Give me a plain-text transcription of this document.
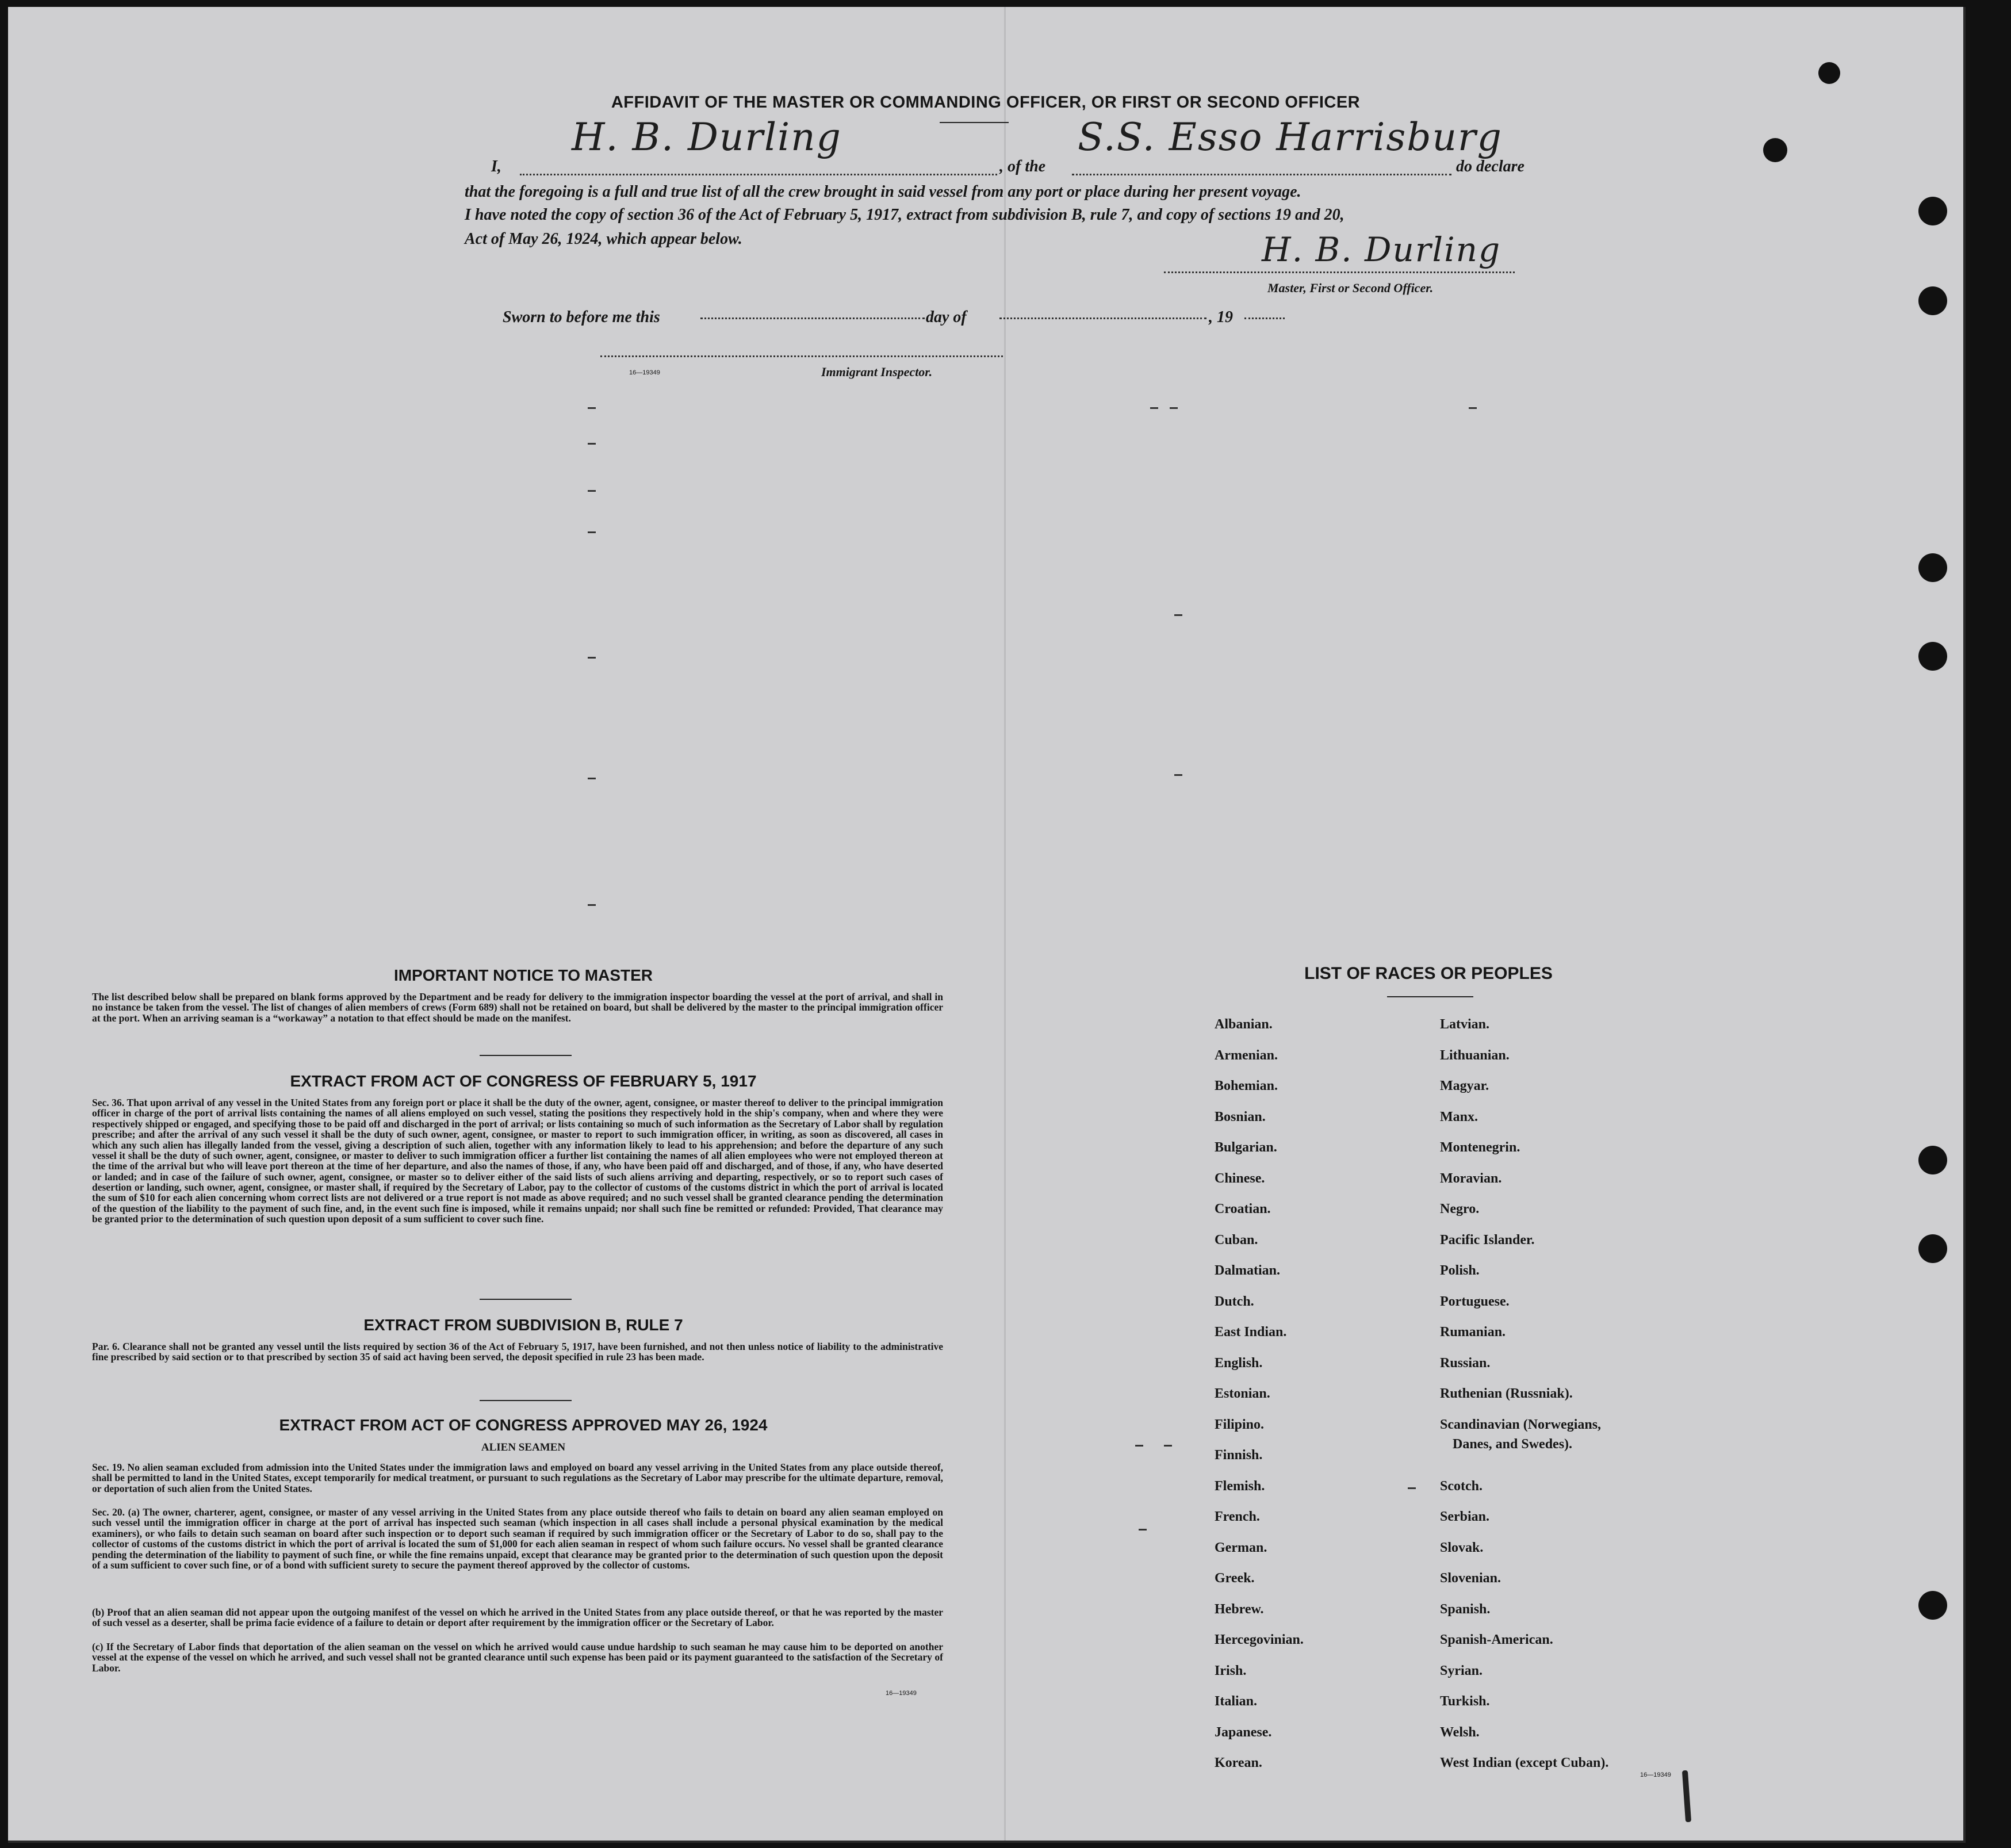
AFFIDAVIT OF THE MASTER OR COMMANDING OFFICER, OR FIRST OR SECOND OFFICER
I,
H. B. Durling
, of the
S.S. Esso Harrisburg
do declare
that the foregoing is a full and true list of all the crew brought in said vessel from any port or place during her present voyage.
I have noted the copy of section 36 of the Act of February 5, 1917, extract from subdivision B, rule 7, and copy of sections 19 and 20,
Act of May 26, 1924, which appear below.	H. B. Durling
Master, First or Second Officer.
Sworn to before me this	day of	, 19
16—19349	Immigrant Inspector.
IMPORTANT NOTICE TO MASTER
The list described below shall be prepared on blank forms approved by the Department and be ready for delivery to the immigration inspector boarding the vessel at the port of arrival, and shall in no instance be taken from the vessel. The list of changes of alien members of crews (Form 689) shall not be retained on board, but shall be delivered by the master to the principal immigration officer at the port. When an arriving seaman is a “workaway” a notation to that effect should be made on the manifest.
EXTRACT FROM ACT OF CONGRESS OF FEBRUARY 5, 1917
Sec. 36. That upon arrival of any vessel in the United States from any foreign port or place it shall be the duty of the owner, agent, consignee, or master thereof to deliver to the principal immigration officer in charge of the port of arrival lists containing the names of all aliens employed on such vessel, stating the positions they respectively hold in the ship's company, when and where they were respectively shipped or engaged, and specifying those to be paid off and discharged in the port of arrival; or lists containing so much of such information as the Secretary of Labor shall by regulation prescribe; and after the arrival of any such vessel it shall be the duty of such owner, agent, consignee, or master to report to such immigration officer, in writing, as soon as discovered, all cases in which any such alien has illegally landed from the vessel, giving a description of such alien, together with any information likely to lead to his apprehension; and before the departure of any such vessel it shall be the duty of such owner, agent, consignee, or master to deliver to such immigration officer a further list containing the names of all alien employees who were not employed thereon at the time of the arrival but who will leave port thereon at the time of her departure, and also the names of those, if any, who have been paid off and discharged, and of those, if any, who have deserted or landed; and in case of the failure of such owner, agent, consignee, or master so to deliver either of the said lists of such aliens arriving and departing, respectively, or so to report such cases of desertion or landing, such owner, agent, consignee, or master shall, if required by the Secretary of Labor, pay to the collector of customs of the customs district in which the port of arrival is located the sum of $10 for each alien concerning whom correct lists are not delivered or a true report is not made as above required; and no such vessel shall be granted clearance pending the determination of the question of the liability to the payment of such fine, and, in the event such fine is imposed, while it remains unpaid; nor shall such fine be remitted or refunded: Provided, That clearance may be granted prior to the determination of such question upon deposit of a sum sufficient to cover such fine.
EXTRACT FROM SUBDIVISION B, RULE 7
Par. 6. Clearance shall not be granted any vessel until the lists required by section 36 of the Act of February 5, 1917, have been furnished, and not then unless notice of liability to the administrative fine prescribed by said section or to that prescribed by section 35 of said act having been served, the deposit specified in rule 23 has been made.
EXTRACT FROM ACT OF CONGRESS APPROVED MAY 26, 1924
ALIEN SEAMEN
Sec. 19. No alien seaman excluded from admission into the United States under the immigration laws and employed on board any vessel arriving in the United States from any place outside thereof, shall be permitted to land in the United States, except temporarily for medical treatment, or pursuant to such regulations as the Secretary of Labor may prescribe for the ultimate departure, removal, or deportation of such alien from the United States.
Sec. 20. (a) The owner, charterer, agent, consignee, or master of any vessel arriving in the United States from any place outside thereof who fails to detain on board any alien seaman employed on such vessel until the immigration officer in charge at the port of arrival has inspected such seaman (which inspection in all cases shall include a personal physical examination by the medical examiners), or who fails to detain such seaman on board after such inspection or to deport such seaman if required by such immigration officer or the Secretary of Labor to do so, shall pay to the collector of customs of the customs district in which the port of arrival is located the sum of $1,000 for each alien seaman in respect of whom such failure occurs. No vessel shall be granted clearance pending the determination of the liability to payment of such fine, or while the fine remains unpaid, except that clearance may be granted prior to the determination of such question upon the deposit of a sum sufficient to cover such fine, or of a bond with sufficient surety to secure the payment thereof approved by the collector of customs.
(b) Proof that an alien seaman did not appear upon the outgoing manifest of the vessel on which he arrived in the United States from any place outside thereof, or that he was reported by the master of such vessel as a deserter, shall be prima facie evidence of a failure to detain or deport after requirement by the immigration officer or the Secretary of Labor.
(c) If the Secretary of Labor finds that deportation of the alien seaman on the vessel on which he arrived would cause undue hardship to such seaman he may cause him to be deported on another vessel at the expense of the vessel on which he arrived, and such vessel shall not be granted clearance until such expense has been paid or its payment guaranteed to the satisfaction of the Secretary of Labor.
16—19349
LIST OF RACES OR PEOPLES
Albanian.
Armenian.
Bohemian.
Bosnian.
Bulgarian.
Chinese.
Croatian.
Cuban.
Dalmatian.
Dutch.
East Indian.
English.
Estonian.
Filipino.
Finnish.
Flemish.
French.
German.
Greek.
Hebrew.
Hercegovinian.
Irish.
Italian.
Japanese.
Korean.
Latvian.
Lithuanian.
Magyar.
Manx.
Montenegrin.
Moravian.
Negro.
Pacific Islander.
Polish.
Portuguese.
Rumanian.
Russian.
Ruthenian (Russniak).
Scandinavian (Norwegians,
Danes, and Swedes).
Scotch.
Serbian.
Slovak.
Slovenian.
Spanish.
Spanish-American.
Syrian.
Turkish.
Welsh.
West Indian (except Cuban).
16—19349
